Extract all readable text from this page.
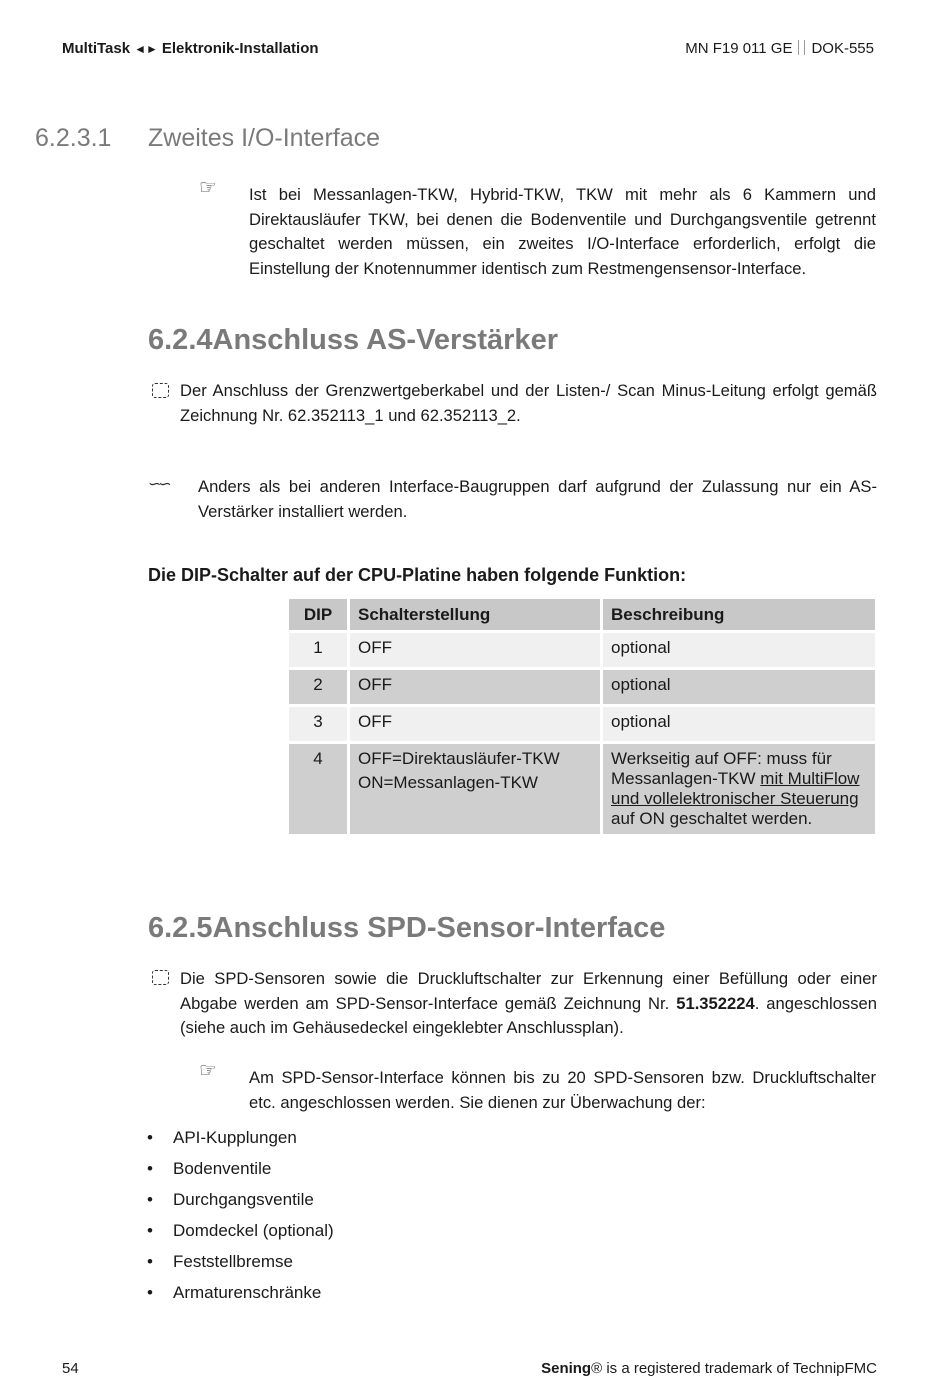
MultiTask ◄► Elektronik-Installation	MN F19 011 GE DOK-555
6.2.3.1 Zweites I/O-Interface
☞ Ist bei Messanlagen-TKW, Hybrid-TKW, TKW mit mehr als 6 Kammern und Direktausläufer TKW, bei denen die Bodenventile und Durchgangsventile getrennt geschaltet werden müssen, ein zweites I/O-Interface erforderlich, erfolgt die Einstellung der Knotennummer identisch zum Restmengensensor-Interface.
6.2.4Anschluss AS-Verstärker
Der Anschluss der Grenzwertgeberkabel und der Listen-/ Scan Minus-Leitung erfolgt gemäß Zeichnung Nr. 62.352113_1 und 62.352113_2.
∽∽ Anders als bei anderen Interface-Baugruppen darf aufgrund der Zulassung nur ein AS-Verstärker installiert werden.
Die DIP-Schalter auf der CPU-Platine haben folgende Funktion:
DIP	Schalterstellung	Beschreibung
1	OFF	optional
2	OFF	optional
3	OFF	optional
4	OFF=Direktausläufer-TKW
ON=Messanlagen-TKW	Werkseitig auf OFF: muss für Messanlagen-TKW mit MultiFlow und vollelektronischer Steuerung auf ON geschaltet werden.
6.2.5Anschluss SPD-Sensor-Interface
Die SPD-Sensoren sowie die Druckluftschalter zur Erkennung einer Befüllung oder einer Abgabe werden am SPD-Sensor-Interface gemäß Zeichnung Nr. 51.352224. angeschlossen (siehe auch im Gehäusedeckel eingeklebter Anschlussplan).
☞ Am SPD-Sensor-Interface können bis zu 20 SPD-Sensoren bzw. Druckluftschalter etc. angeschlossen werden. Sie dienen zur Überwachung der:
• API-Kupplungen
• Bodenventile
• Durchgangsventile
• Domdeckel (optional)
• Feststellbremse
• Armaturenschränke
54	Sening® is a registered trademark of TechnipFMC
